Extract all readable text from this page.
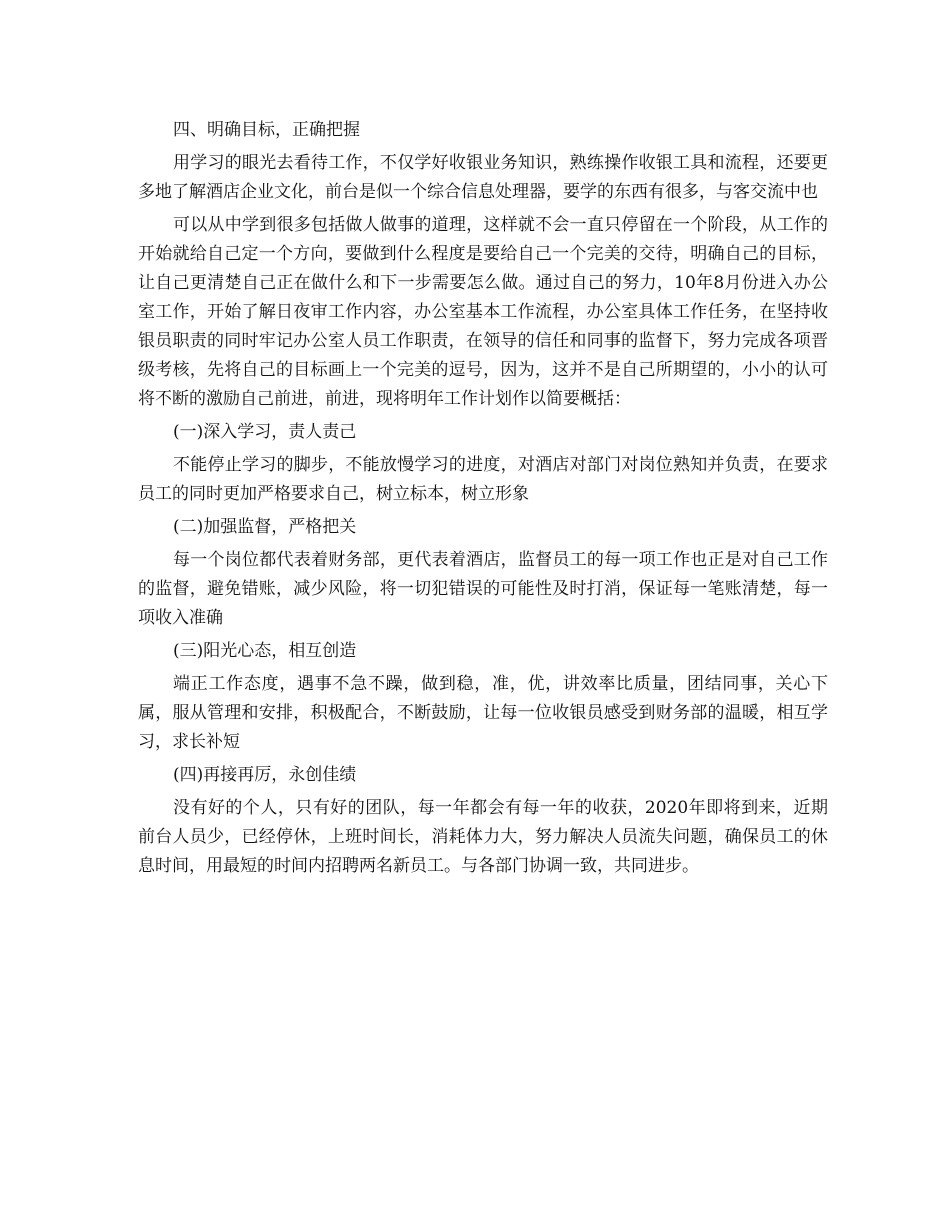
四、明确目标，正确把握

用学习的眼光去看待工作，不仅学好收银业务知识，熟练操作收银工具和流程，还要更多地了解酒店企业文化，前台是似一个综合信息处理器，要学的东西有很多，与客交流中也

可以从中学到很多包括做人做事的道理，这样就不会一直只停留在一个阶段，从工作的开始就给自己定一个方向，要做到什么程度是要给自己一个完美的交待，明确自己的目标，让自己更清楚自己正在做什么和下一步需要怎么做。通过自己的努力，10年8月份进入办公室工作，开始了解日夜审工作内容，办公室基本工作流程，办公室具体工作任务，在坚持收银员职责的同时牢记办公室人员工作职责，在领导的信任和同事的监督下，努力完成各项晋级考核，先将自己的目标画上一个完美的逗号，因为，这并不是自己所期望的，小小的认可将不断的激励自己前进，前进，现将明年工作计划作以简要概括：

(一)深入学习，责人责己

不能停止学习的脚步，不能放慢学习的进度，对酒店对部门对岗位熟知并负责，在要求员工的同时更加严格要求自己，树立标本，树立形象

(二)加强监督，严格把关

每一个岗位都代表着财务部，更代表着酒店，监督员工的每一项工作也正是对自己工作的监督，避免错账，减少风险，将一切犯错误的可能性及时打消，保证每一笔账清楚，每一项收入准确

(三)阳光心态，相互创造

端正工作态度，遇事不急不躁，做到稳，准，优，讲效率比质量，团结同事，关心下属，服从管理和安排，积极配合，不断鼓励，让每一位收银员感受到财务部的温暖，相互学习，求长补短

(四)再接再厉，永创佳绩

没有好的个人，只有好的团队，每一年都会有每一年的收获，2020年即将到来，近期前台人员少，已经停休，上班时间长，消耗体力大，努力解决人员流失问题，确保员工的休息时间，用最短的时间内招聘两名新员工。与各部门协调一致，共同进步。
